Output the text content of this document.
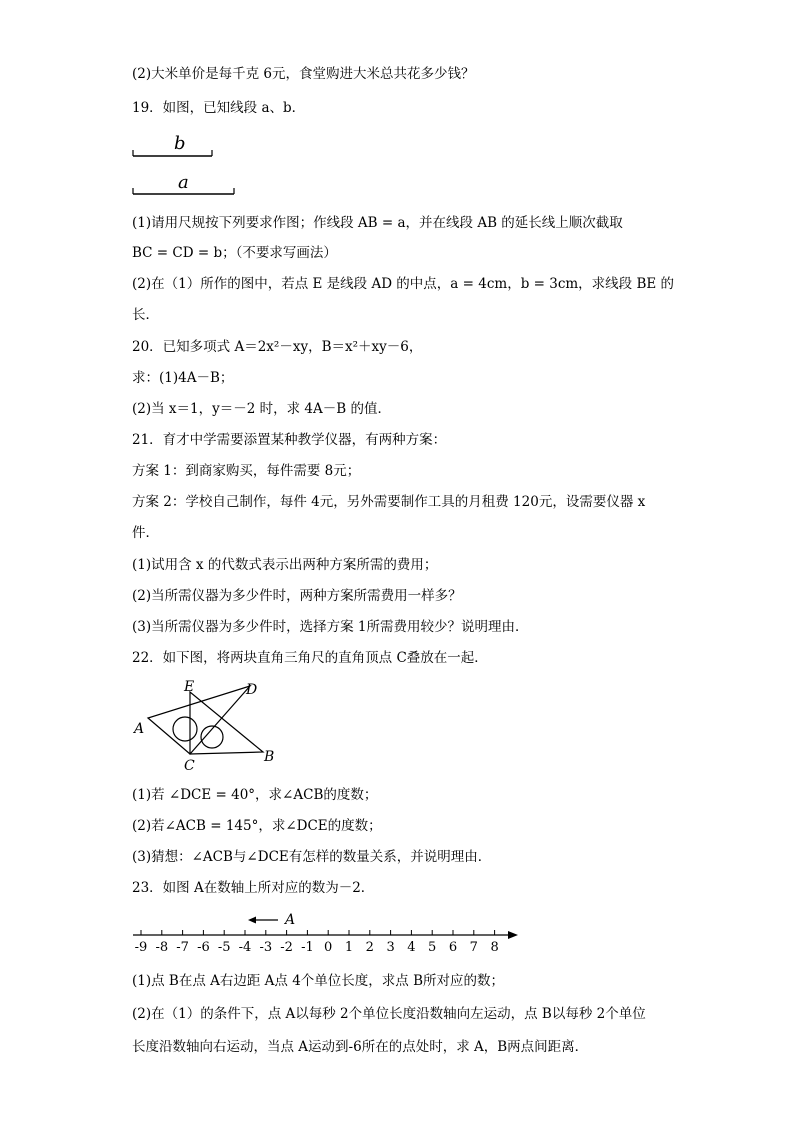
(2)大米单价是每千克 6元，食堂购进大米总共花多少钱？
19．如图，已知线段 a、b．
b
a
(1)请用尺规按下列要求作图；作线段 AB = a，并在线段 AB 的延长线上顺次截取
BC = CD = b；（不要求写画法）
(2)在（1）所作的图中，若点 E 是线段 AD 的中点，a = 4cm，b = 3cm，求线段 BE 的
长．
20．已知多项式 A＝2x²－xy，B＝x²＋xy－6，
求：(1)4A－B；
(2)当 x＝1，y＝－2 时，求 4A－B 的值．
21．育才中学需要添置某种教学仪器，有两种方案：
方案 1：到商家购买，每件需要 8元；
方案 2：学校自己制作，每件 4元，另外需要制作工具的月租费 120元，设需要仪器 x
件．
(1)试用含 x 的代数式表示出两种方案所需的费用；
(2)当所需仪器为多少件时，两种方案所需费用一样多？
(3)当所需仪器为多少件时，选择方案 1所需费用较少？说明理由．
22．如下图，将两块直角三角尺的直角顶点 C叠放在一起．
A
E	D
C
B
(1)若 ∠DCE = 40°，求∠ACB的度数；
(2)若∠ACB = 145°，求∠DCE的度数；
(3)猜想：∠ACB与∠DCE有怎样的数量关系，并说明理由．
23．如图 A在数轴上所对应的数为－2．
A
-9 -8 -7 -6 -5 -4 -3 -2 -1 0 1 2 3 4 5 6 7 8
(1)点 B在点 A右边距 A点 4个单位长度，求点 B所对应的数；
(2)在（1）的条件下，点 A以每秒 2个单位长度沿数轴向左运动，点 B以每秒 2个单位
长度沿数轴向右运动，当点 A运动到-6所在的点处时，求 A，B两点间距离．
